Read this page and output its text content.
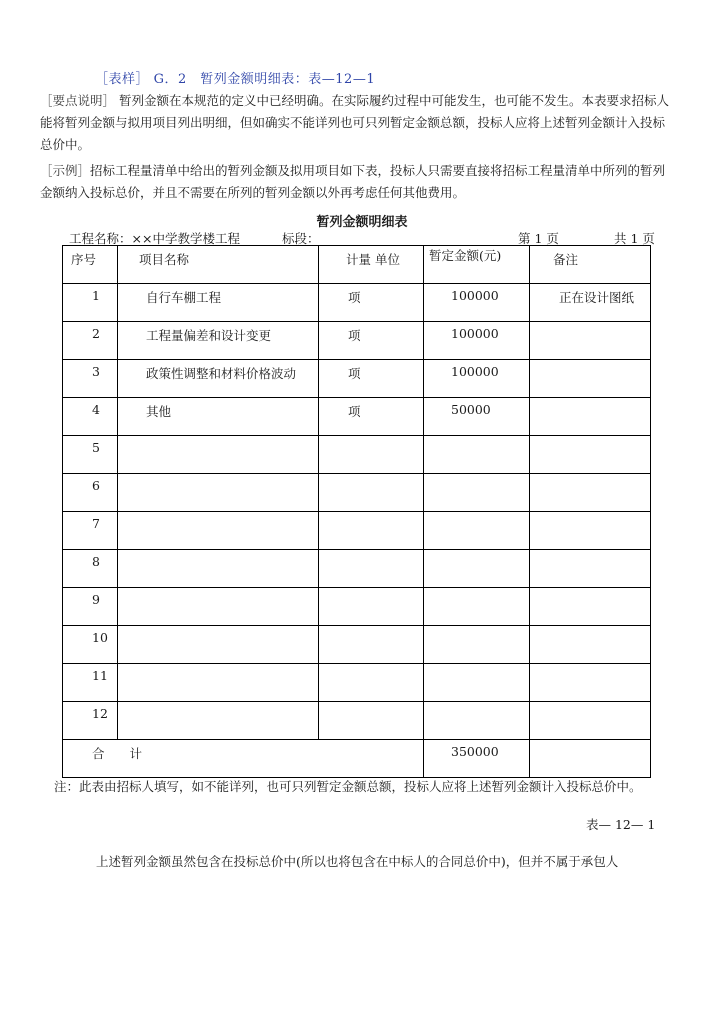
［表样］ G．2　暂列金额明细表：表—12—1
［要点说明］ 暂列金额在本规范的定义中已经明确。在实际履约过程中可能发生，也可能不发生。本表要求招标人能将暂列金额与拟用项目列出明细，但如确实不能详列也可只列暂定金额总额，投标人应将上述暂列金额计入投标总价中。
［示例］招标工程量清单中给出的暂列金额及拟用项目如下表，投标人只需要直接将招标工程量清单中所列的暂列金额纳入投标总价，并且不需要在所列的暂列金额以外再考虑任何其他费用。
暂列金额明细表
工程名称：××中学教学楼工程	标段：	第 1 页	共 1 页
序号	项目名称	计量 单位	暂定金额(元)	备注

1	自行车棚工程	项	100000	正在设计图纸

2	工程量偏差和设计变更	项	100000	

3	政策性调整和材料价格波动	项	100000	

4	其他	项	50000	

5				

6				

7				

8				

9				

10				

11				

12				

合　　计			350000	

注：此表由招标人填写，如不能详列，也可只列暂定金额总额，投标人应将上述暂列金额计入投标总价中。
表— 12— 1
上述暂列金额虽然包含在投标总价中(所以也将包含在中标人的合同总价中)，但并不属于承包人
